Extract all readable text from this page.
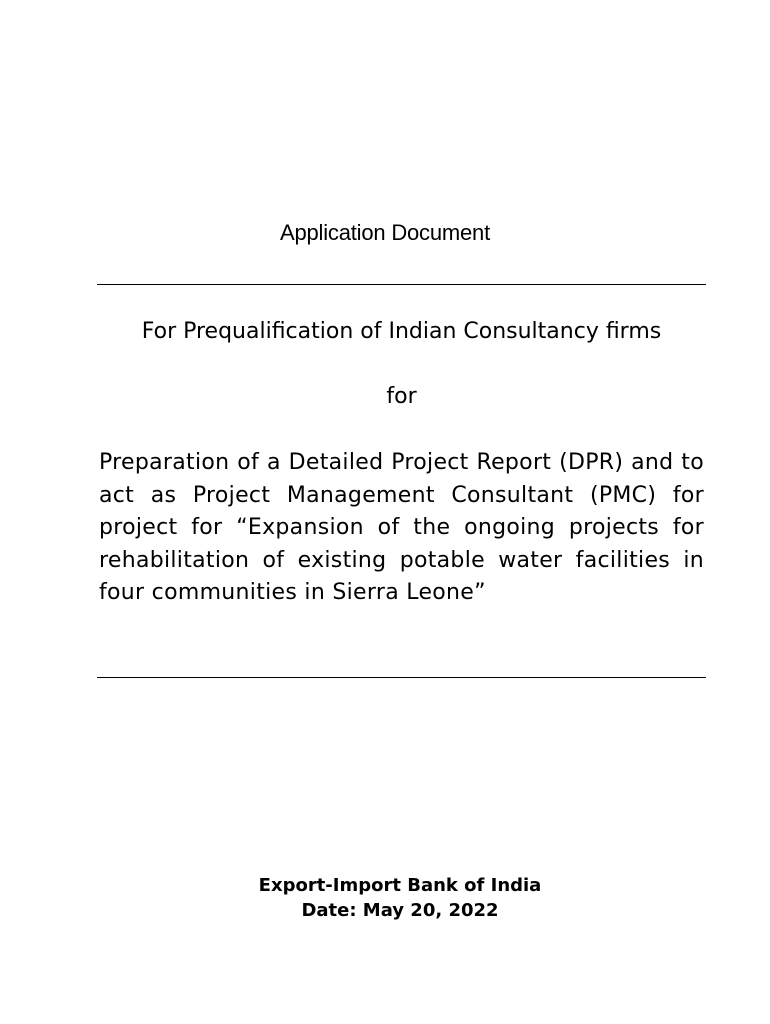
Application Document
For Prequalification of Indian Consultancy firms
for
Preparation of a Detailed Project Report (DPR) and to act as Project Management Consultant (PMC) for project for “Expansion of the ongoing projects for rehabilitation of existing potable water facilities in four communities in Sierra Leone”
Export-Import Bank of India
Date: May 20, 2022
